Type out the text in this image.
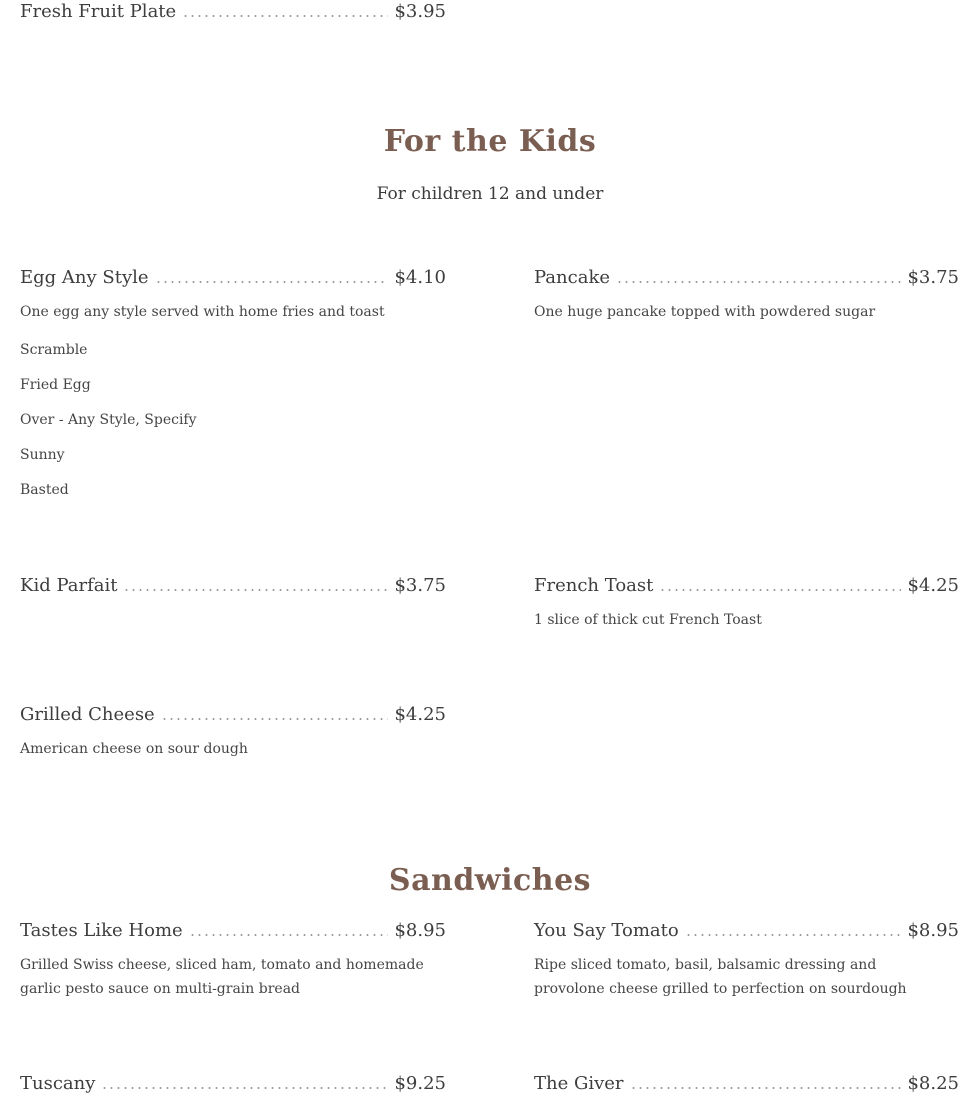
Fresh Fruit Plate	$3.95
For the Kids
For children 12 and under
Egg Any Style	$4.10
One egg any style served with home fries and toast
Scramble
Fried Egg
Over - Any Style, Specify
Sunny
Basted
Pancake	$3.75
One huge pancake topped with powdered sugar
Kid Parfait	$3.75	French Toast	$4.25
1 slice of thick cut French Toast
Grilled Cheese	$4.25
American cheese on sour dough
Sandwiches
Tastes Like Home	$8.95
Grilled Swiss cheese, sliced ham, tomato and homemade garlic pesto sauce on multi-grain bread
You Say Tomato	$8.95
Ripe sliced tomato, basil, balsamic dressing and provolone cheese grilled to perfection on sourdough
Tuscany	$9.25	The Giver	$8.25
